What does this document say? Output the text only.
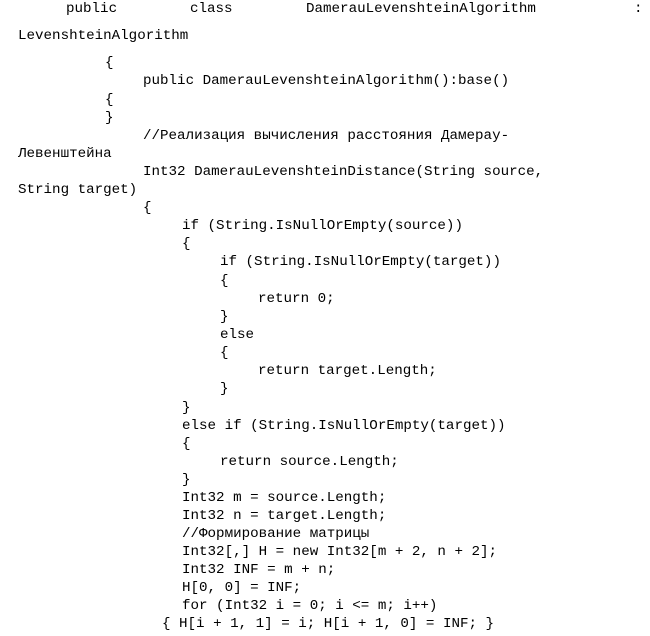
public	class	DamerauLevenshteinAlgorithm	:
LevenshteinAlgorithm
{
public DamerauLevenshteinAlgorithm():base()
{
}
//Реализация вычисления расстояния Дамерау-
Левенштейна
Int32 DamerauLevenshteinDistance(String source,
String target)
{
if (String.IsNullOrEmpty(source))
{
if (String.IsNullOrEmpty(target))
{
return 0;
}
else
{
return target.Length;
}
}
else if (String.IsNullOrEmpty(target))
{
return source.Length;
}
Int32 m = source.Length;
Int32 n = target.Length;
//Формирование матрицы
Int32[,] H = new Int32[m + 2, n + 2];
Int32 INF = m + n;
H[0, 0] = INF;
for (Int32 i = 0; i <= m; i++)
{ H[i + 1, 1] = i; H[i + 1, 0] = INF; }
